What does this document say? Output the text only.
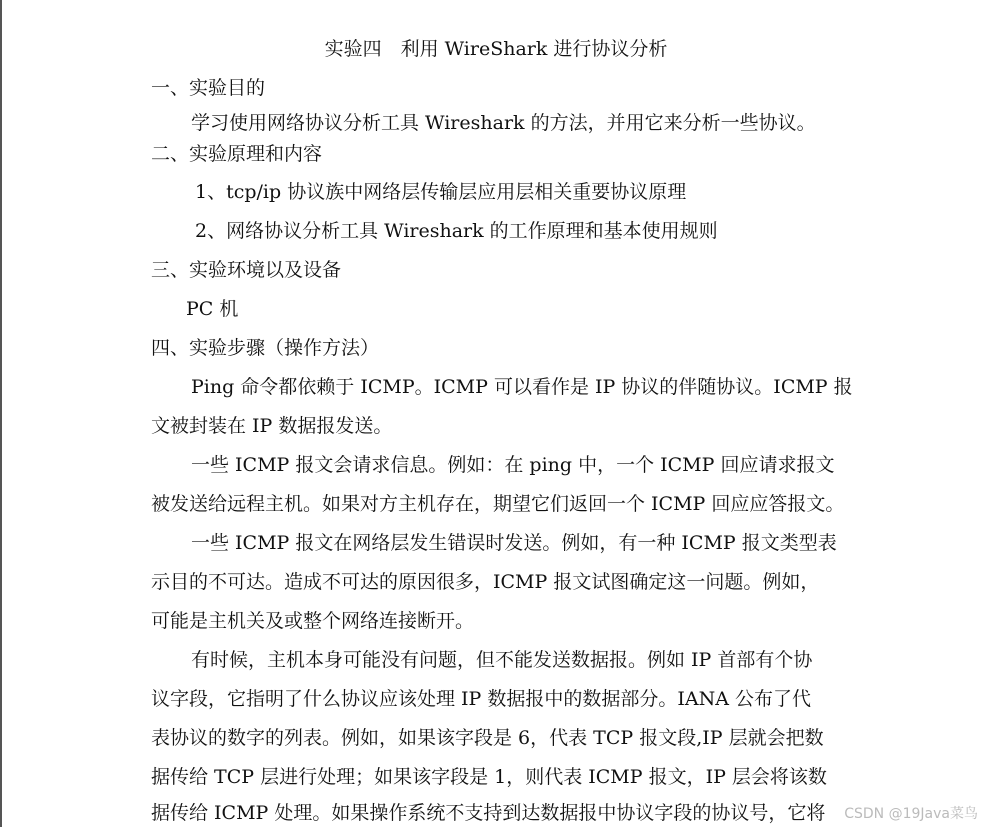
实验四　利用 WireShark 进行协议分析
一、实验目的
学习使用网络协议分析工具 Wireshark 的方法，并用它来分析一些协议。
二、实验原理和内容
1、tcp/ip 协议族中网络层传输层应用层相关重要协议原理
2、网络协议分析工具 Wireshark 的工作原理和基本使用规则
三、实验环境以及设备
PC 机
四、实验步骤（操作方法）
Ping 命令都依赖于 ICMP。ICMP 可以看作是 IP 协议的伴随协议。ICMP 报
文被封装在 IP 数据报发送。
一些 ICMP 报文会请求信息。例如：在 ping 中，一个 ICMP 回应请求报文
被发送给远程主机。如果对方主机存在，期望它们返回一个 ICMP 回应应答报文。
一些 ICMP 报文在网络层发生错误时发送。例如，有一种 ICMP 报文类型表
示目的不可达。造成不可达的原因很多，ICMP 报文试图确定这一问题。例如，
可能是主机关及或整个网络连接断开。
有时候，主机本身可能没有问题，但不能发送数据报。例如 IP 首部有个协
议字段，它指明了什么协议应该处理 IP 数据报中的数据部分。IANA 公布了代
表协议的数字的列表。例如，如果该字段是 6，代表 TCP 报文段,IP 层就会把数
据传给 TCP 层进行处理；如果该字段是 1，则代表 ICMP 报文，IP 层会将该数
据传给 ICMP 处理。如果操作系统不支持到达数据报中协议字段的协议号，它将 CSDN @19Java菜鸟
